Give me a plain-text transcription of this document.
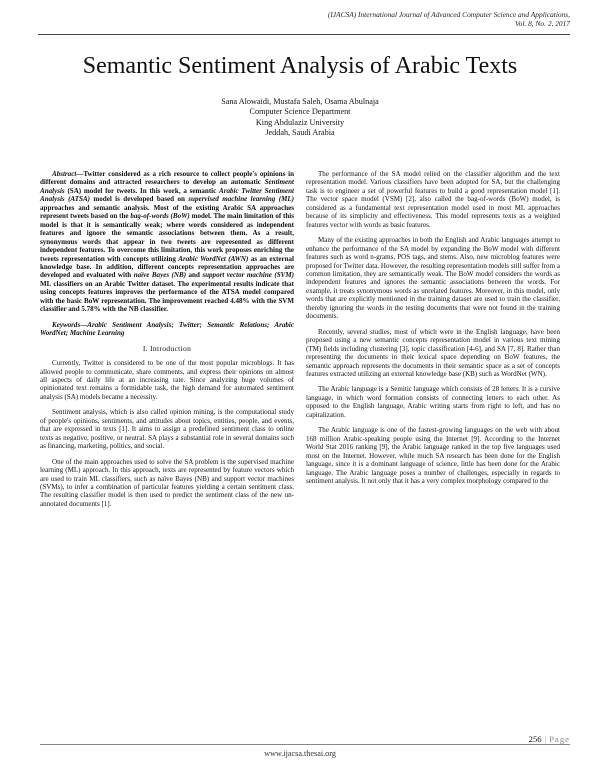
(IJACSA) International Journal of Advanced Computer Science and Applications,
Vol. 8, No. 2, 2017
Semantic Sentiment Analysis of Arabic Texts
Sana Alowaidi, Mustafa Saleh, Osama Abulnaja
Computer Science Department
King Abdulaziz University
Jeddah, Saudi Arabia

Abstract—Twitter considered as a rich resource to collect people's opinions in different domains and attracted researchers to develop an automatic Sentiment Analysis (SA) model for tweets. In this work, a semantic Arabic Twitter Sentiment Analysis (ATSA) model is developed based on supervised machine learning (ML) approaches and semantic analysis. Most of the existing Arabic SA approaches represent tweets based on the bag-of-words (BoW) model. The main limitation of this model is that it is semantically weak; where words considered as independent features and ignore the semantic associations between them. As a result, synonymous words that appear in two tweets are represented as different independent features. To overcome this limitation, this work proposes enriching the tweets representation with concepts utilizing Arabic WordNet (AWN) as an external knowledge base. In addition, different concepts representation approaches are developed and evaluated with naïve Bayes (NB) and support vector machine (SVM) ML classifiers on an Arabic Twitter dataset. The experimental results indicate that using concepts features improves the performance of the ATSA model compared with the basic BoW representation. The improvement reached 4.48% with the SVM classifier and 5.78% with the NB classifier.

Keywords—Arabic Sentiment Analysis; Twitter; Semantic Relations; Arabic WordNet; Machine Learning

I. Introduction

Currently, Twitter is considered to be one of the most popular microblogs. It has allowed people to communicate, share comments, and express their opinions on almost all aspects of daily life at an increasing rate. Since analyzing huge volumes of opinionated text remains a formidable task, the high demand for automated sentiment analysis (SA) models became a necessity.

Sentiment analysis, which is also called opinion mining, is the computational study of people's opinions, sentiments, and attitudes about topics, entities, people, and events, that are expressed in texts [1]. It aims to assign a predefined sentiment class to online texts as negative, positive, or neutral. SA plays a substantial role in several domains such as financing, marketing, politics, and social.

One of the main approaches used to solve the SA problem is the supervised machine learning (ML) approach. In this approach, texts are represented by feature vectors which are used to train ML classifiers, such as naïve Bayes (NB) and support vector machines (SVMs), to infer a combination of particular features yielding a certain sentiment class. The resulting classifier model is then used to predict the sentiment class of the new un-annotated documents [1].

The performance of the SA model relied on the classifier algorithm and the text representation model. Various classifiers have been adopted for SA, but the challenging task is to engineer a set of powerful features to build a good representation model [1]. The vector space model (VSM) [2], also called the bag-of-words (BoW) model, is considered as a fundamental text representation model used in most ML approaches because of its simplicity and effectiveness. This model represents texts as a weighted features vector with words as basic features.

Many of the existing approaches in both the English and Arabic languages attempt to enhance the performance of the SA model by expanding the BoW model with different features such as word n-grams, POS tags, and stems. Also, new microblog features were proposed for Twitter data. However, the resulting representation models still suffer from a common limitation, they are semantically weak. The BoW model considers the words as independent features and ignores the semantic associations between the words. For example, it treats synonymous words as unrelated features. Moreover, in this model, only words that are explicitly mentioned in the training dataset are used to train the classifier, thereby ignoring the words in the testing documents that were not found in the training documents.

Recently, several studies, most of which were in the English language, have been proposed using a new semantic concepts representation model in various text mining (TM) fields including clustering [3], topic classification [4-6], and SA [7, 8]. Rather than representing the documents in their lexical space depending on BoW features, the semantic approach represents the documents in their semantic space as a set of concepts features extracted utilizing an external knowledge base (KB) such as WordNet (WN).

The Arabic language is a Semitic language which consists of 28 letters. It is a cursive language, in which word formation consists of connecting letters to each other. As opposed to the English language, Arabic writing starts from right to left, and has no capitalization.

The Arabic language is one of the fastest-growing languages on the web with about 168 million Arabic-speaking people using the Internet [9]. According to the Internet World Stat 2016 ranking [9], the Arabic language ranked in the top five languages used most on the Internet. However, while much SA research has been done for the English language, since it is a dominant language of science, little has been done for the Arabic language. The Arabic language poses a number of challenges, especially in regards to sentiment analysis. It not only that it has a very complex morphology compared to the

256 | Page
www.ijacsa.thesai.org
